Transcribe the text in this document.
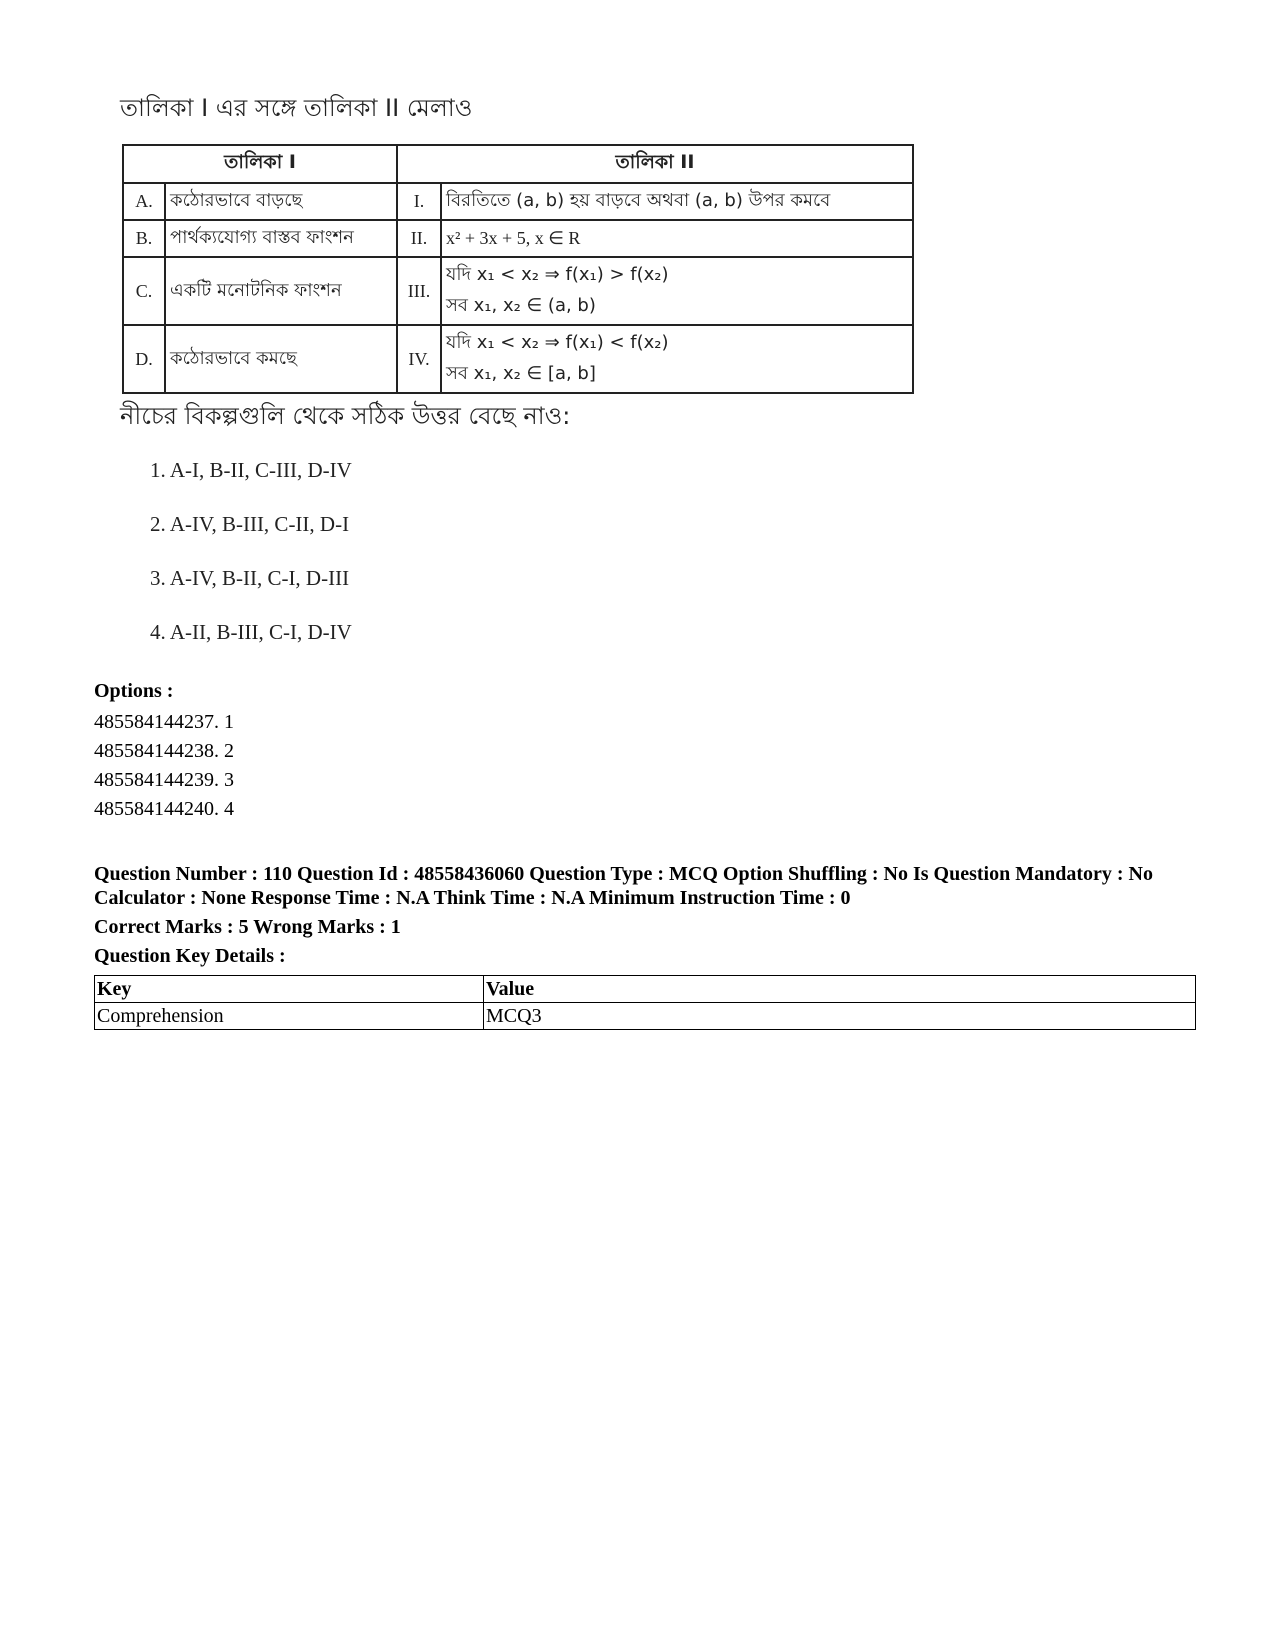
তালিকা I এর সঙ্গে তালিকা II মেলাও
তালিকা I		তালিকা II	
A.	কঠোরভাবে বাড়ছে	I.	বিরতিতে (a, b) হয় বাড়বে অথবা (a, b) উপর কমবে
B.	পার্থক্যযোগ্য বাস্তব ফাংশন	II.	x² + 3x + 5, x ∈ R
C.	একটি মনোটনিক ফাংশন	III.	যদি x₁ < x₂ ⇒ f(x₁) > f(x₂)
সব x₁, x₂ ∈ (a, b)

D.	কঠোরভাবে কমছে	IV.	যদি x₁ < x₂ ⇒ f(x₁) < f(x₂)
সব x₁, x₂ ∈ [a, b]
নীচের বিকল্পগুলি থেকে সঠিক উত্তর বেছে নাও:
1. A-I, B-II, C-III, D-IV
2. A-IV, B-III, C-II, D-I
3. A-IV, B-II, C-I, D-III
4. A-II, B-III, C-I, D-IV
Options :
485584144237. 1
485584144238. 2
485584144239. 3
485584144240. 4
Question Number : 110 Question Id : 48558436060 Question Type : MCQ Option Shuffling : No Is Question Mandatory : No Calculator : None Response Time : N.A Think Time : N.A Minimum Instruction Time : 0
Correct Marks : 5 Wrong Marks : 1
Question Key Details :
Key	Value
Comprehension	MCQ3
